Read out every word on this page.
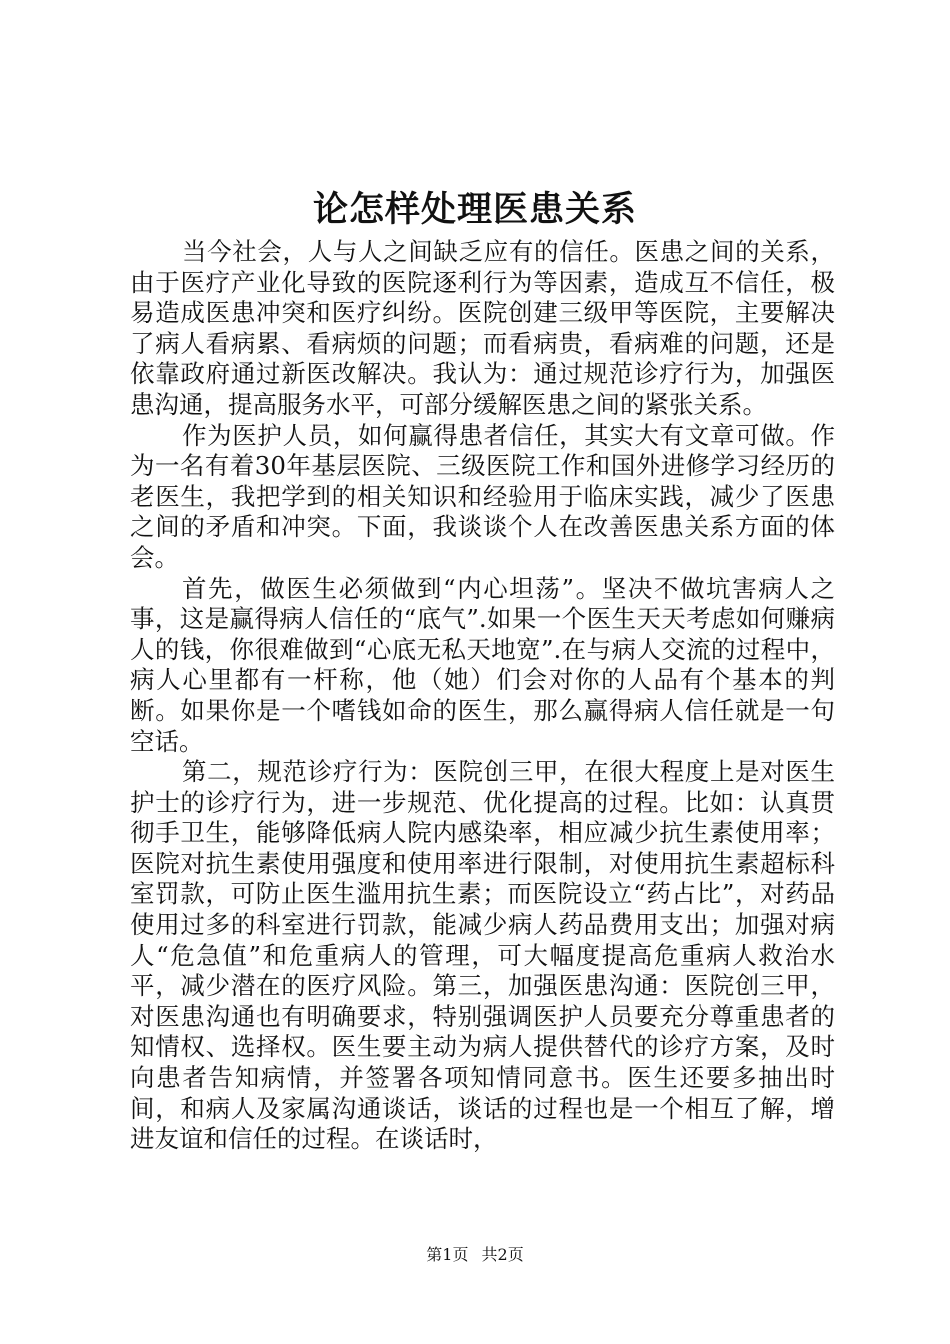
论怎样处理医患关系

当今社会，人与人之间缺乏应有的信任。医患之间的关系，由于医疗产业化导致的医院逐利行为等因素，造成互不信任，极易造成医患冲突和医疗纠纷。医院创建三级甲等医院，主要解决了病人看病累、看病烦的问题；而看病贵，看病难的问题，还是依靠政府通过新医改解决。我认为：通过规范诊疗行为，加强医患沟通，提高服务水平，可部分缓解医患之间的紧张关系。

作为医护人员，如何赢得患者信任，其实大有文章可做。作为一名有着30年基层医院、三级医院工作和国外进修学习经历的老医生，我把学到的相关知识和经验用于临床实践，减少了医患之间的矛盾和冲突。下面，我谈谈个人在改善医患关系方面的体会。

首先，做医生必须做到“内心坦荡”。坚决不做坑害病人之事，这是赢得病人信任的“底气”.如果一个医生天天考虑如何赚病人的钱，你很难做到“心底无私天地宽”.在与病人交流的过程中，病人心里都有一杆称，他（她）们会对你的人品有个基本的判断。如果你是一个嗜钱如命的医生，那么赢得病人信任就是一句空话。

第二，规范诊疗行为：医院创三甲，在很大程度上是对医生护士的诊疗行为，进一步规范、优化提高的过程。比如：认真贯彻手卫生，能够降低病人院内感染率，相应减少抗生素使用率；医院对抗生素使用强度和使用率进行限制，对使用抗生素超标科室罚款，可防止医生滥用抗生素；而医院设立“药占比”，对药品使用过多的科室进行罚款，能减少病人药品费用支出；加强对病人“危急值”和危重病人的管理，可大幅度提高危重病人救治水平，减少潜在的医疗风险。第三，加强医患沟通：医院创三甲，对医患沟通也有明确要求，特别强调医护人员要充分尊重患者的知情权、选择权。医生要主动为病人提供替代的诊疗方案，及时向患者告知病情，并签署各项知情同意书。医生还要多抽出时间，和病人及家属沟通谈话，谈话的过程也是一个相互了解，增进友谊和信任的过程。在谈话时，

第1页 共2页
